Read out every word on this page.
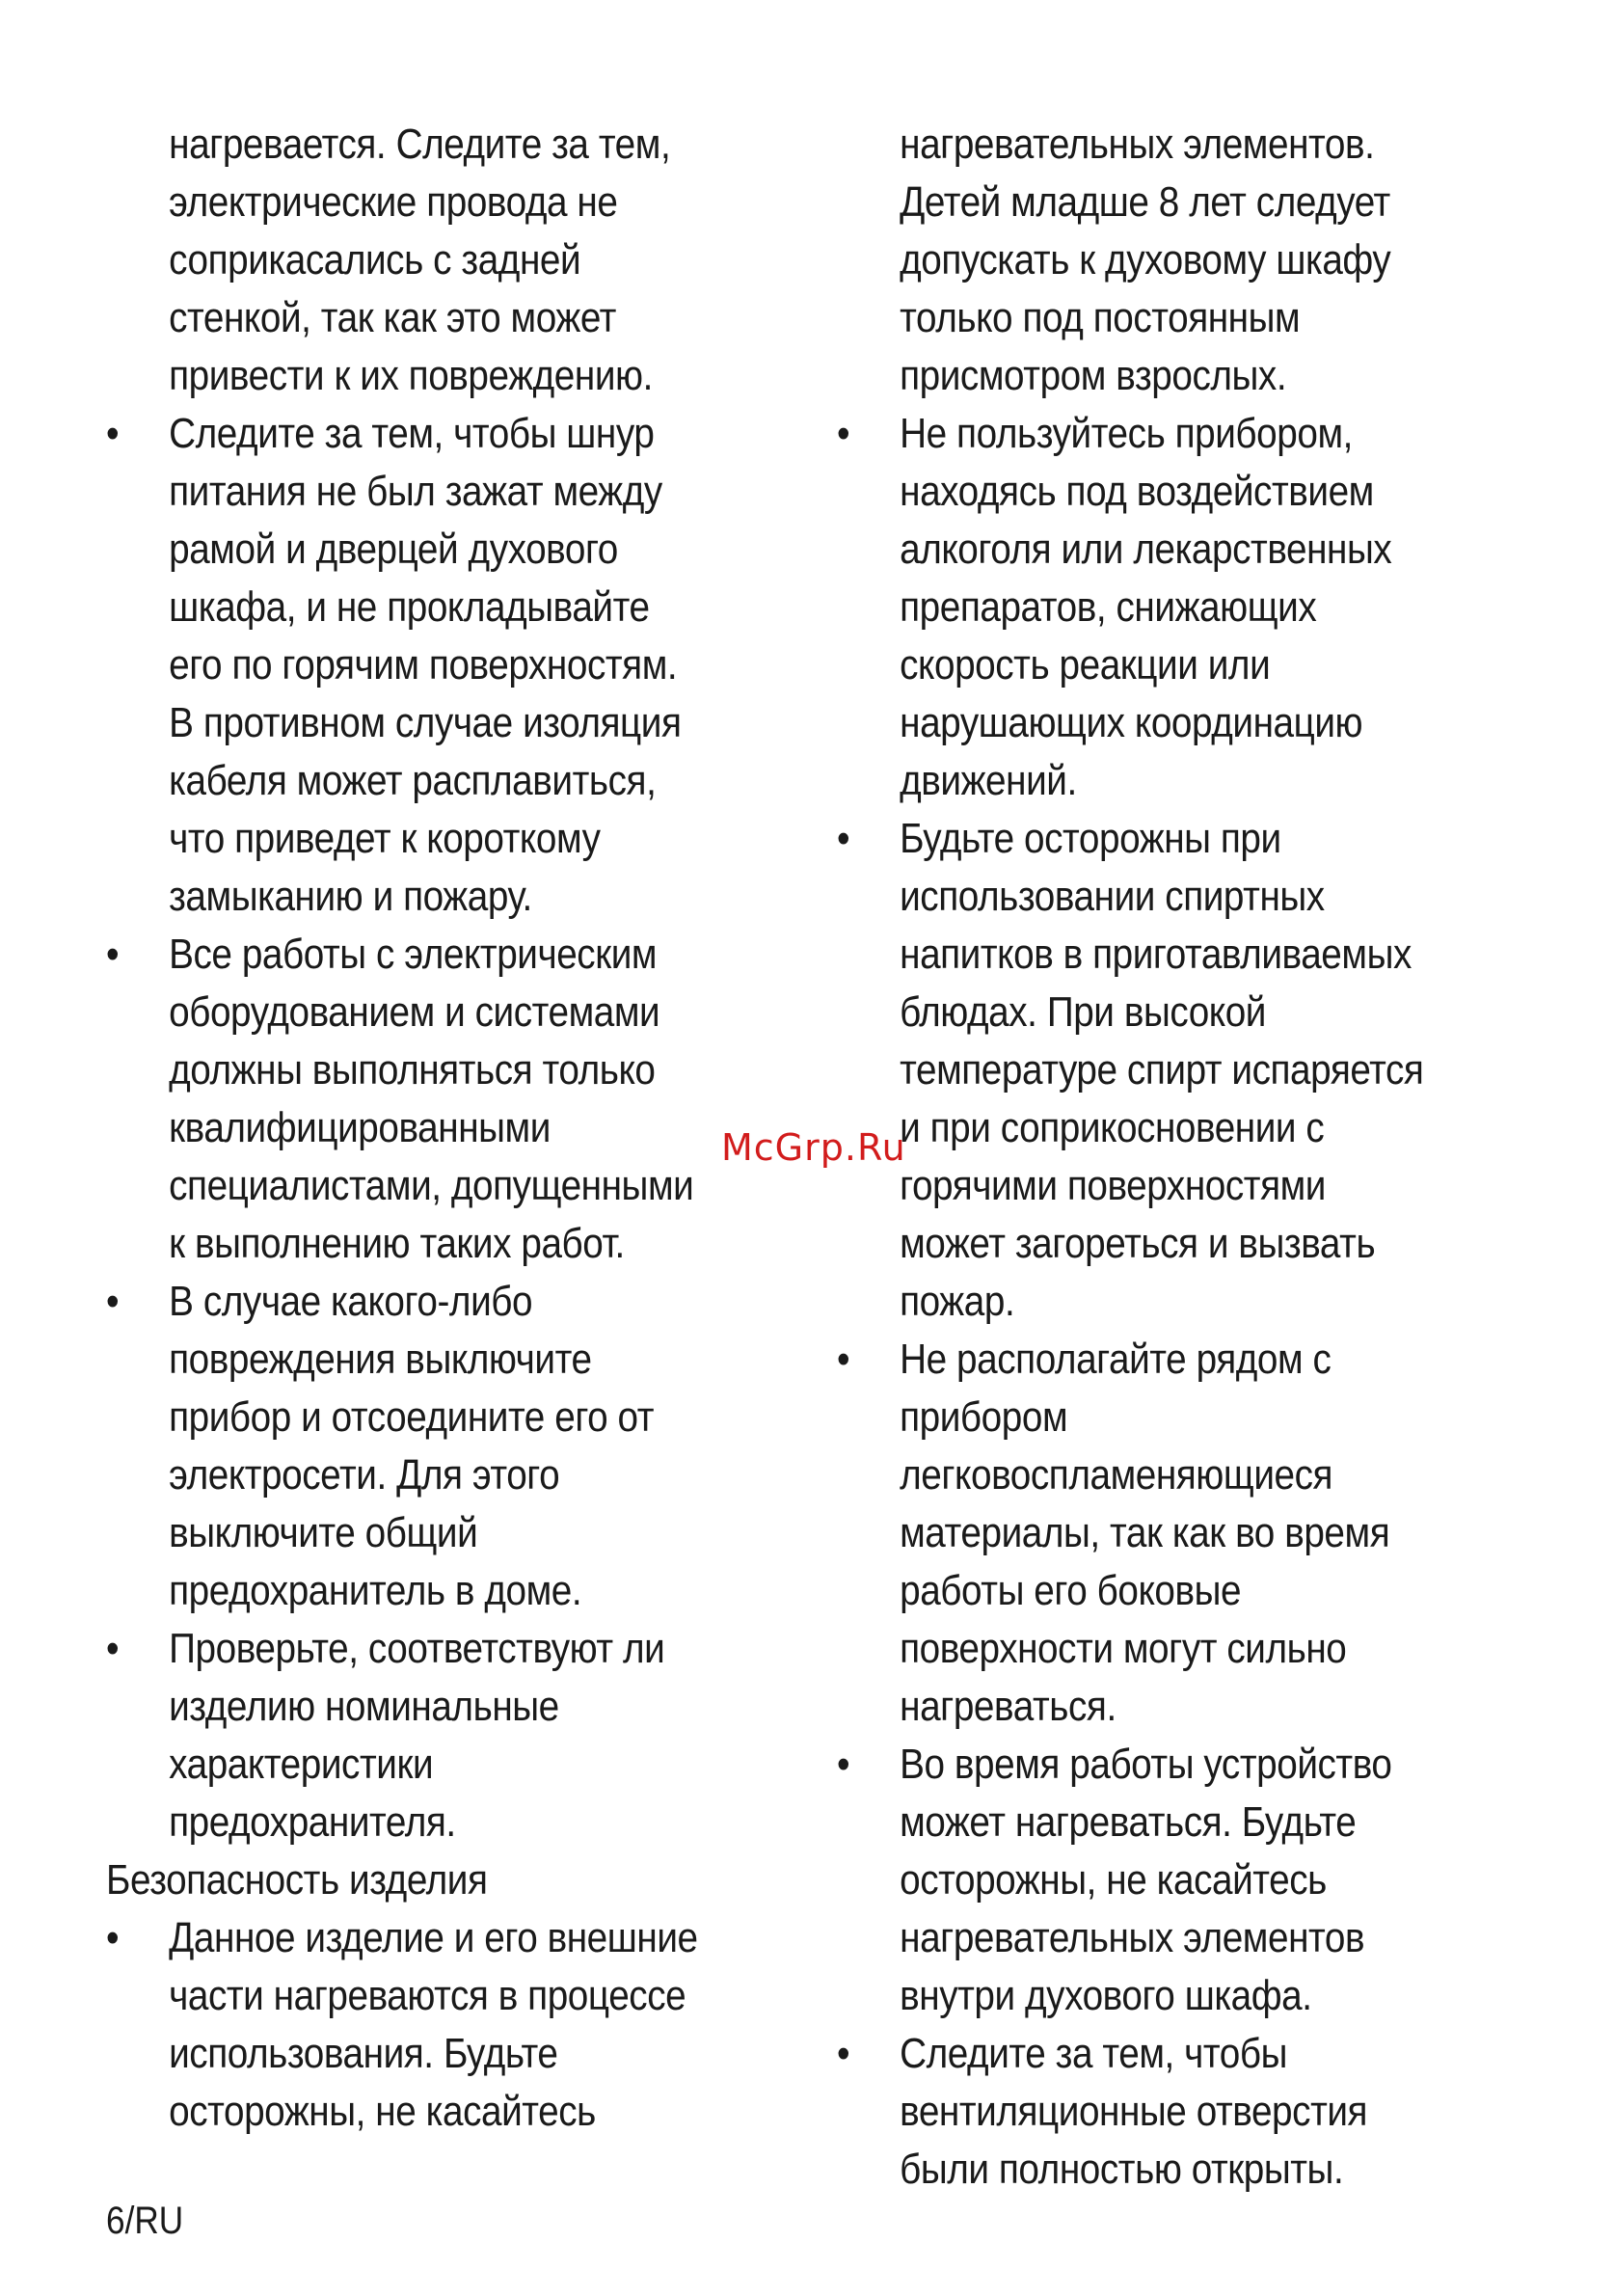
нагревается. Следите за тем,
электрические провода не
соприкасались с задней
стенкой, так как это может
привести к их повреждению.
• Следите за тем, чтобы шнур
питания не был зажат между
рамой и дверцей духового
шкафа, и не прокладывайте
его по горячим поверхностям.
В противном случае изоляция
кабеля может расплавиться,
что приведет к короткому
замыканию и пожару.
• Все работы с электрическим
оборудованием и системами
должны выполняться только
квалифицированными
специалистами, допущенными
к выполнению таких работ.
• В случае какого-либо
повреждения выключите
прибор и отсоедините его от
электросети. Для этого
выключите общий
предохранитель в доме.
• Проверьте, соответствуют ли
изделию номинальные
характеристики
предохранителя.
Безопасность изделия
• Данное изделие и его внешние
части нагреваются в процессе
использования. Будьте
осторожны, не касайтесь
нагревательных элементов.
Детей младше 8 лет следует
допускать к духовому шкафу
только под постоянным
присмотром взрослых.
• Не пользуйтесь прибором,
находясь под воздействием
алкоголя или лекарственных
препаратов, снижающих
скорость реакции или
нарушающих координацию
движений.
• Будьте осторожны при
использовании спиртных
напитков в приготавливаемых
блюдах. При высокой
температуре спирт испаряется
и при соприкосновении с
горячими поверхностями
может загореться и вызвать
пожар.
• Не располагайте рядом с
прибором
легковоспламеняющиеся
материалы, так как во время
работы его боковые
поверхности могут сильно
нагреваться.
• Во время работы устройство
может нагреваться. Будьте
осторожны, не касайтесь
нагревательных элементов
внутри духового шкафа.
• Следите за тем, чтобы
вентиляционные отверстия
были полностью открыты.
McGrp.Ru
6/RU
